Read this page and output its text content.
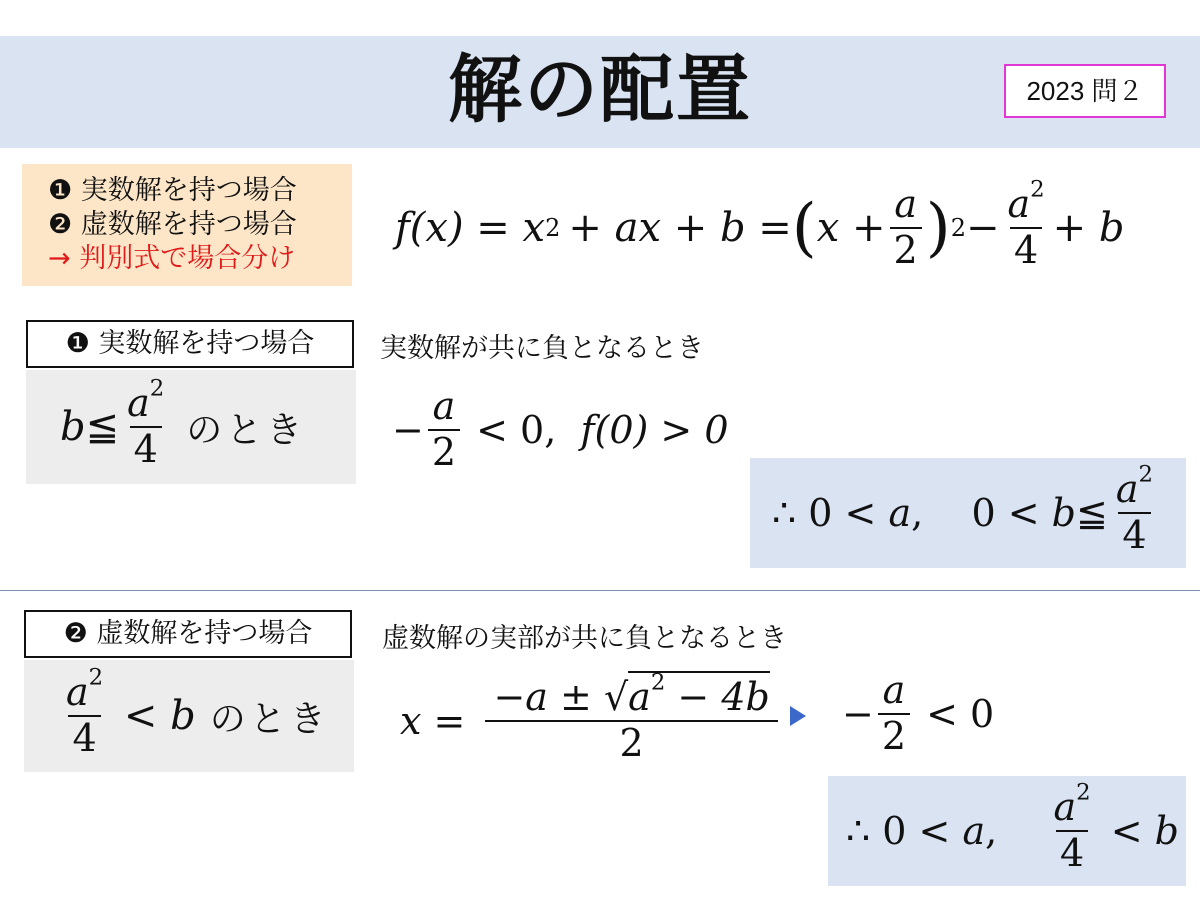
解の配置	2023 問２
❶ 実数解を持つ場合
❷ 虚数解を持つ場合
→ 判別式で場合分け
f(x) = x 2 + ax + b = ( $x + \frac{a}{2}$ ) $2 - \frac{a^2}{4} + b$
❶ 実数解を持つ場合
b ≦ $\frac{a^2}{4}$ のとき
実数解が共に負となるとき
− $\frac{a}{2} < 0$, f(0) > 0
∴ 0 < a ,    0 < b ≦ $\frac{a^2}{4}$
❷ 虚数解を持つ場合
$\frac{a^2}{4} < b$ のとき
虚数解の実部が共に負となるとき
$x = \frac{-a \pm √a^2 - 4b}{2} - \frac{a}{2} < 0$
∴ 0 < a , $\frac{a^2}{4} < b$
